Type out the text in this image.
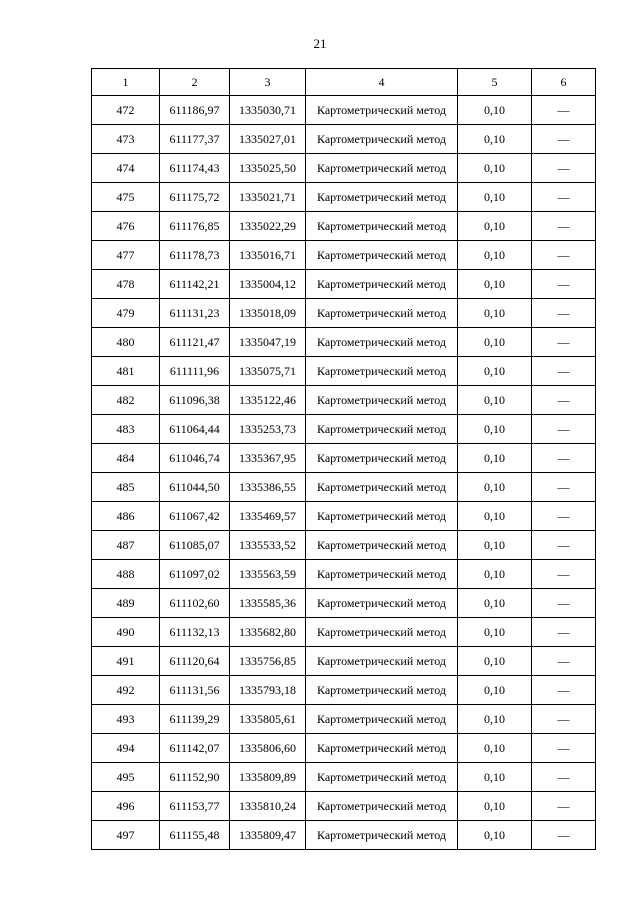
21
1	2	3	4	5	6
472	611186,97	1335030,71	Картометрический метод	0,10	—
473	611177,37	1335027,01	Картометрический метод	0,10	—
474	611174,43	1335025,50	Картометрический метод	0,10	—
475	611175,72	1335021,71	Картометрический метод	0,10	—
476	611176,85	1335022,29	Картометрический метод	0,10	—
477	611178,73	1335016,71	Картометрический метод	0,10	—
478	611142,21	1335004,12	Картометрический метод	0,10	—
479	611131,23	1335018,09	Картометрический метод	0,10	—
480	611121,47	1335047,19	Картометрический метод	0,10	—
481	611111,96	1335075,71	Картометрический метод	0,10	—
482	611096,38	1335122,46	Картометрический метод	0,10	—
483	611064,44	1335253,73	Картометрический метод	0,10	—
484	611046,74	1335367,95	Картометрический метод	0,10	—
485	611044,50	1335386,55	Картометрический метод	0,10	—
486	611067,42	1335469,57	Картометрический метод	0,10	—
487	611085,07	1335533,52	Картометрический метод	0,10	—
488	611097,02	1335563,59	Картометрический метод	0,10	—
489	611102,60	1335585,36	Картометрический метод	0,10	—
490	611132,13	1335682,80	Картометрический метод	0,10	—
491	611120,64	1335756,85	Картометрический метод	0,10	—
492	611131,56	1335793,18	Картометрический метод	0,10	—
493	611139,29	1335805,61	Картометрический метод	0,10	—
494	611142,07	1335806,60	Картометрический метод	0,10	—
495	611152,90	1335809,89	Картометрический метод	0,10	—
496	611153,77	1335810,24	Картометрический метод	0,10	—
497	611155,48	1335809,47	Картометрический метод	0,10	—
